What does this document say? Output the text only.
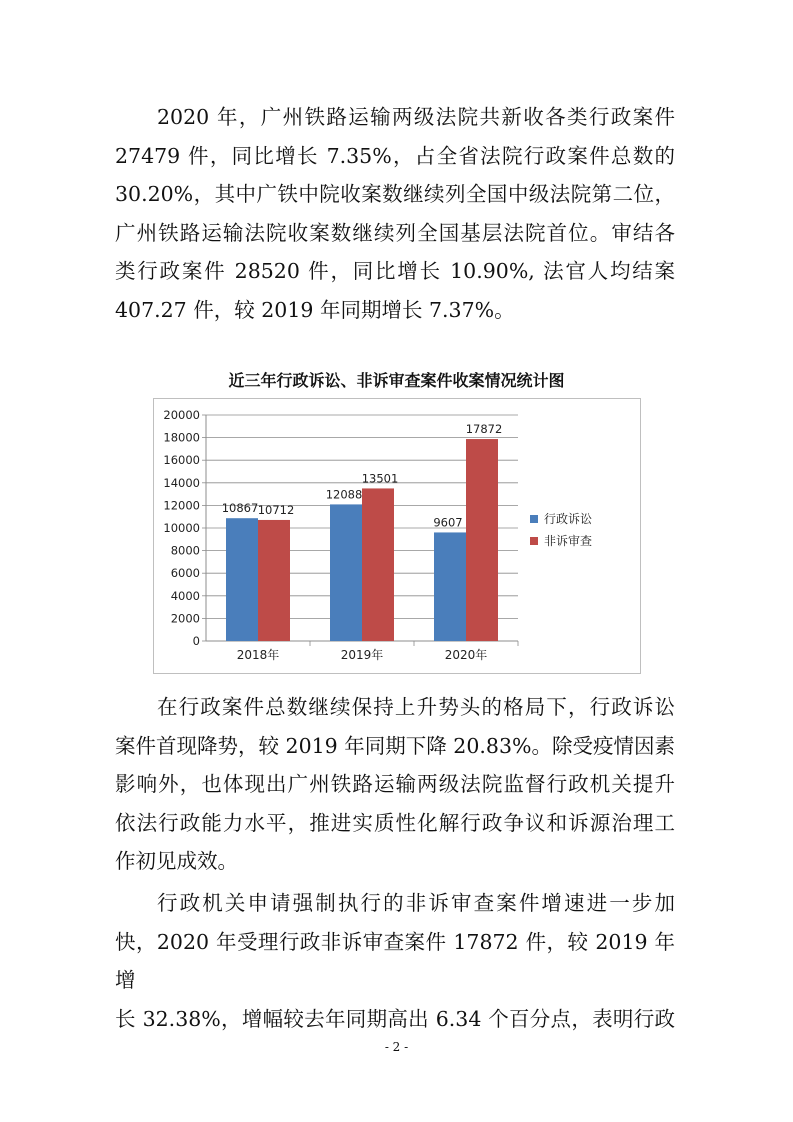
2020 年，广州铁路运输两级法院共新收各类行政案件
27479 件，同比增长 7.35%，占全省法院行政案件总数的
30.20%，其中广铁中院收案数继续列全国中级法院第二位，
广州铁路运输法院收案数继续列全国基层法院首位。审结各
类行政案件 28520 件，同比增长 10.90%, 法官人均结案
407.27 件，较 2019 年同期增长 7.37%。
近三年行政诉讼、非诉审查案件收案情况统计图
0
2000
4000
6000
8000
10000
12000
14000
16000
18000
20000
2018年
10867 10712
2019年
12088
13501
2020年
9607
17872
行政诉讼
非诉审查
在行政案件总数继续保持上升势头的格局下，行政诉讼
案件首现降势，较 2019 年同期下降 20.83%。除受疫情因素
影响外，也体现出广州铁路运输两级法院监督行政机关提升
依法行政能力水平，推进实质性化解行政争议和诉源治理工
作初见成效。
行政机关申请强制执行的非诉审查案件增速进一步加
快，2020 年受理行政非诉审查案件 17872 件，较 2019 年增
长 32.38%，增幅较去年同期高出 6.34 个百分点，表明行政
- 2 -
